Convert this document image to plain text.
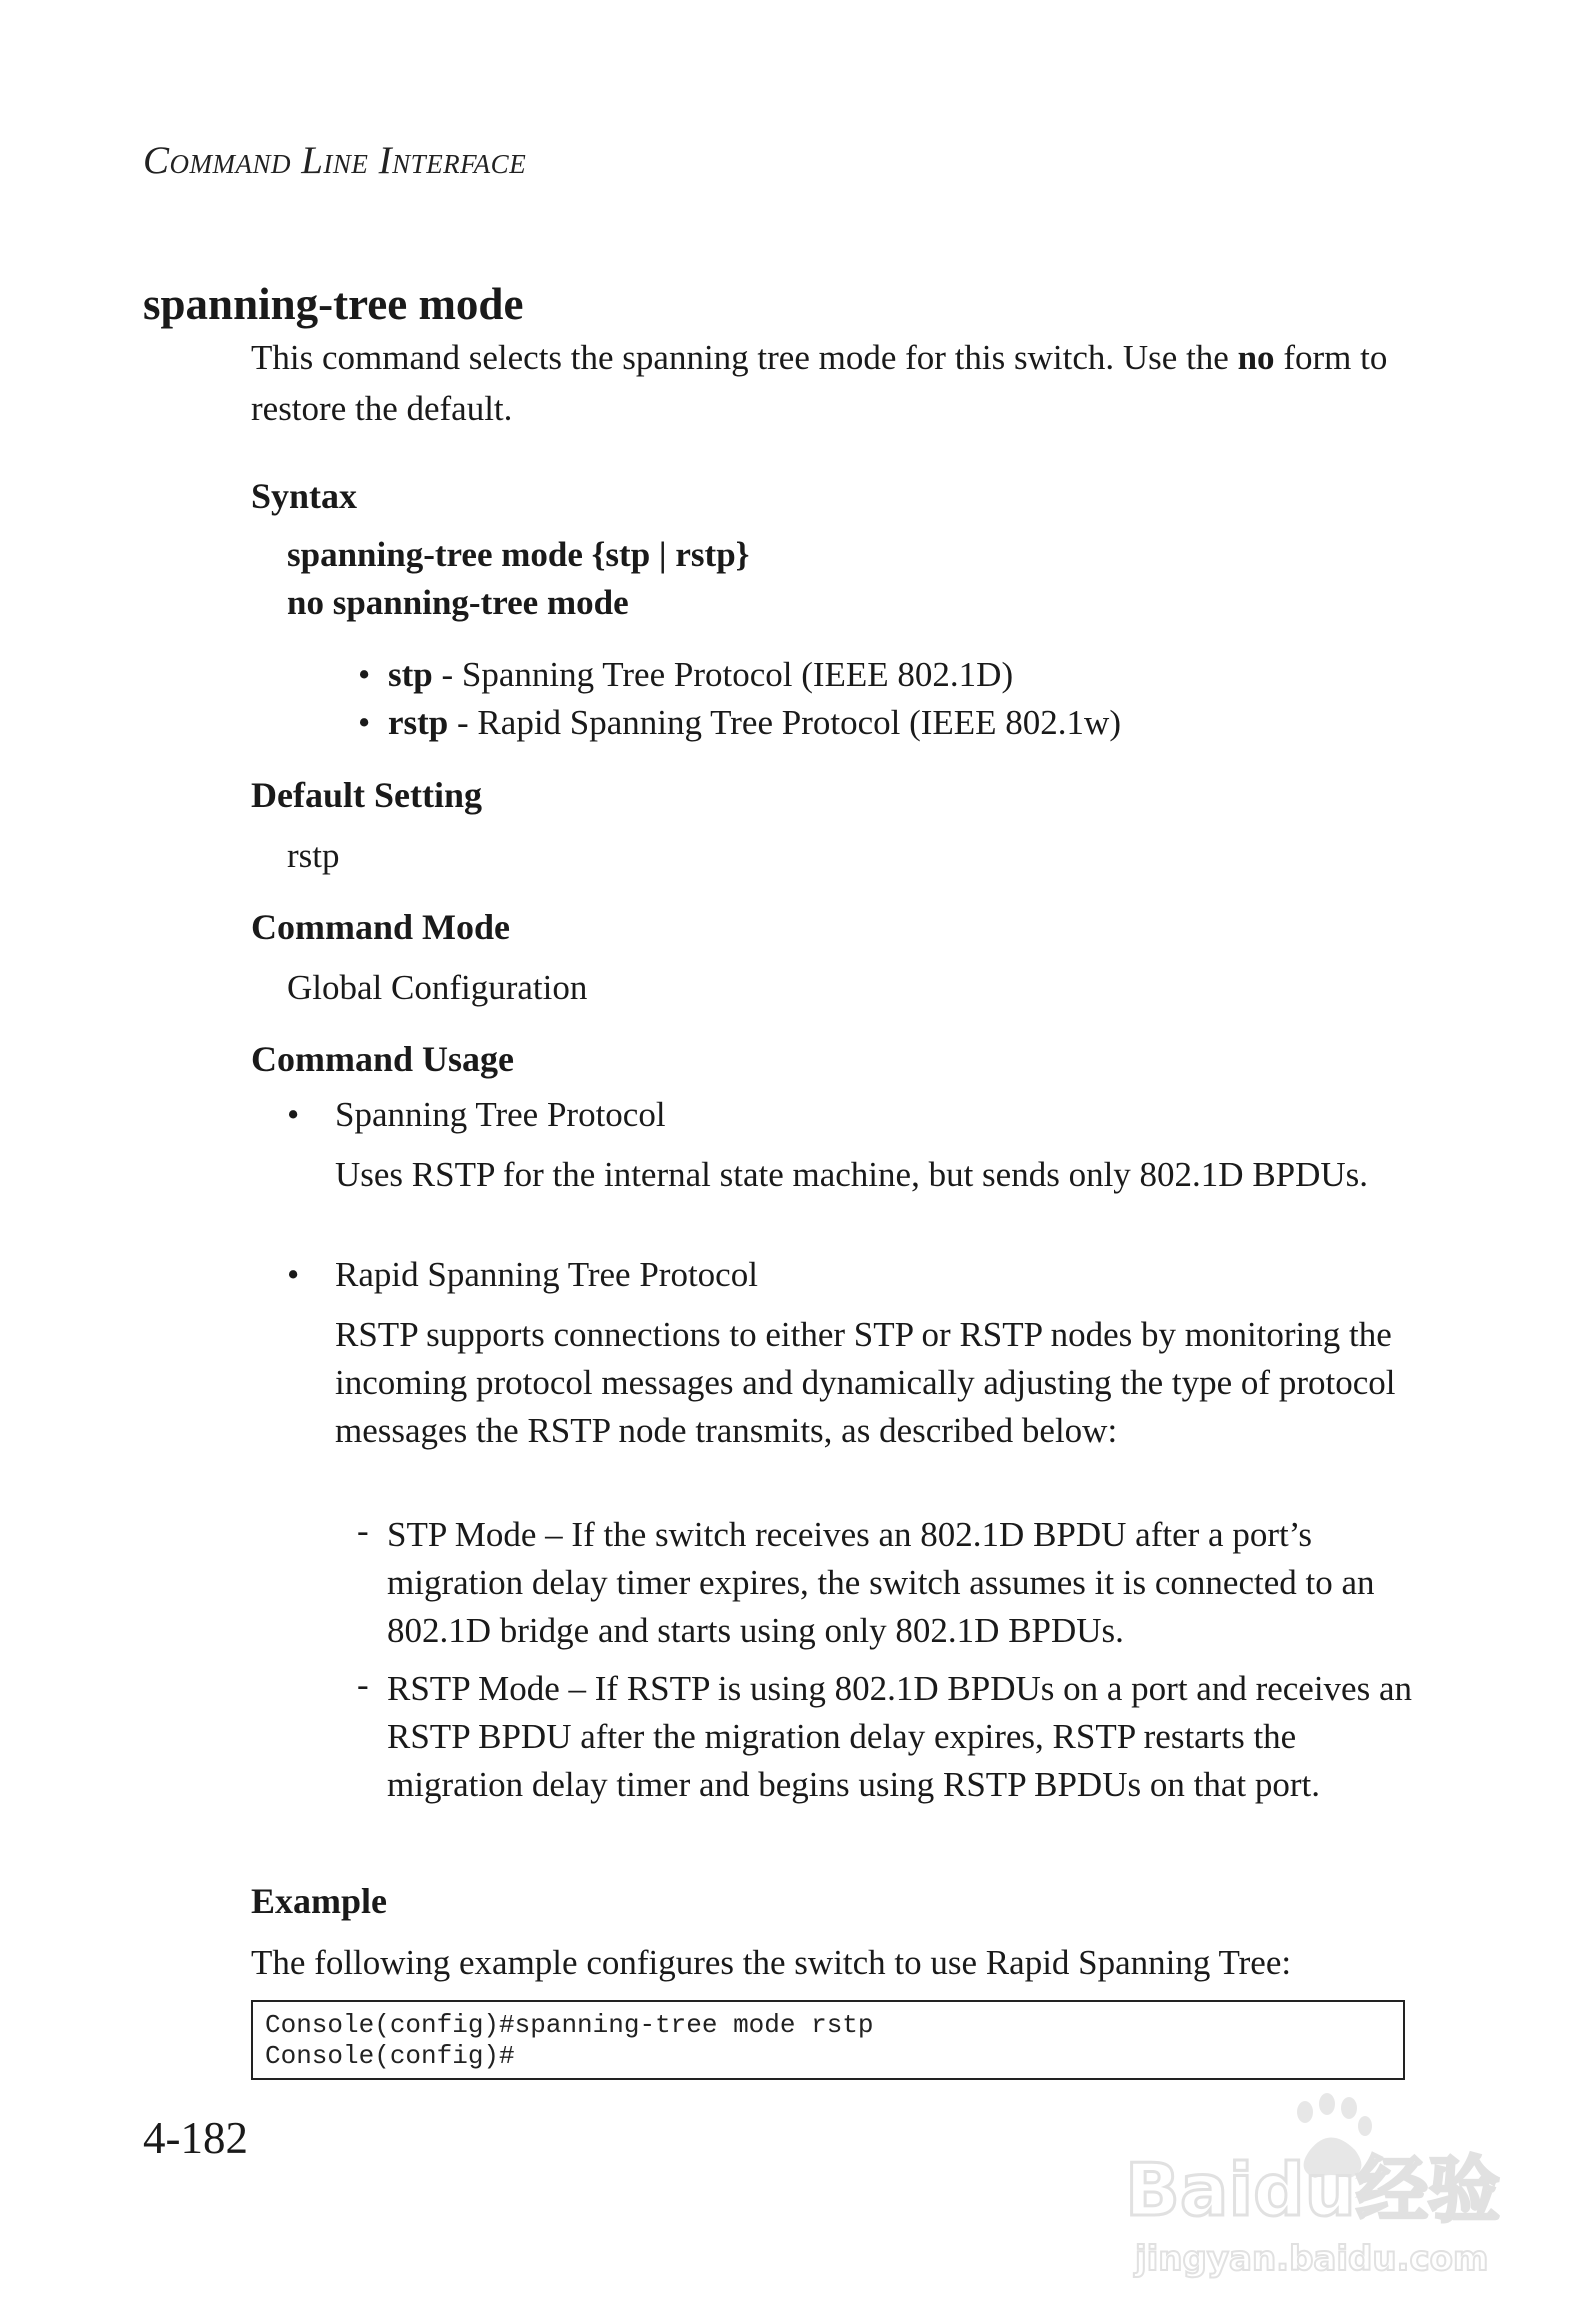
Command Line Interface
spanning-tree mode
This command selects the spanning tree mode for this switch. Use the no form to restore the default.
Syntax
spanning-tree mode {stp | rstp}
no spanning-tree mode
• stp - Spanning Tree Protocol (IEEE 802.1D)
• rstp - Rapid Spanning Tree Protocol (IEEE 802.1w)
Default Setting
rstp
Command Mode
Global Configuration
Command Usage
• Spanning Tree Protocol
Uses RSTP for the internal state machine, but sends only 802.1D BPDUs.
• Rapid Spanning Tree Protocol
RSTP supports connections to either STP or RSTP nodes by monitoring the incoming protocol messages and dynamically adjusting the type of protocol messages the RSTP node transmits, as described below:
- STP Mode – If the switch receives an 802.1D BPDU after a port’s migration delay timer expires, the switch assumes it is connected to an 802.1D bridge and starts using only 802.1D BPDUs.
- RSTP Mode – If RSTP is using 802.1D BPDUs on a port and receives an RSTP BPDU after the migration delay expires, RSTP restarts the migration delay timer and begins using RSTP BPDUs on that port.
Example
The following example configures the switch to use Rapid Spanning Tree:
Console(config)#spanning-tree mode rstp
Console(config)#
4-182
Baidu经验
jingyan.baidu.com
